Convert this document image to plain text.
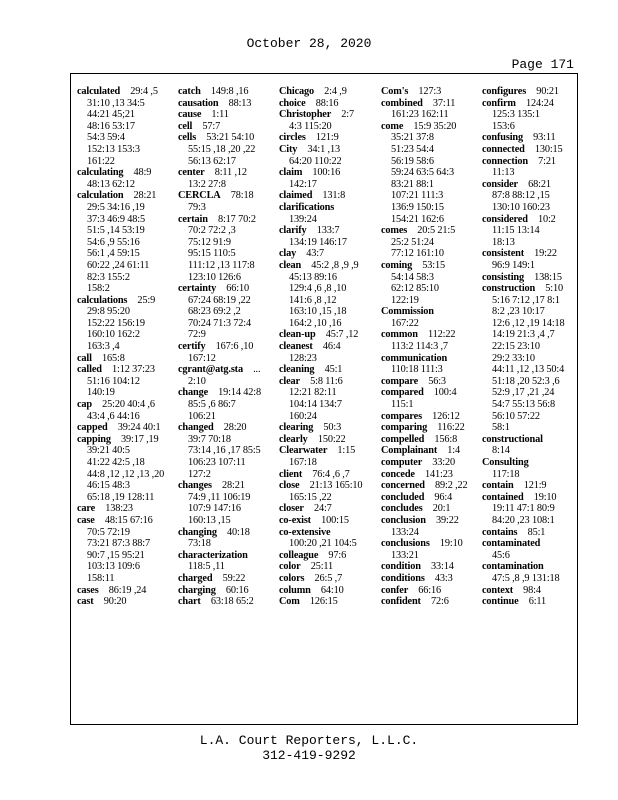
October 28, 2020
Page 171
calculated 29:4 ,5
31:10 ,13 34:5
44:21 45;21
48:16 53:17
54:3 59:4
152:13 153:3
161:22
calculating 48:9
48:13 62:12
calculation 28:21
29:5 34:16 ,19
37:3 46:9 48:5
51:5 ,14 53:19
54:6 ,9 55:16
56:1 ,4 59:15
60:22 ,24 61:11
82:3 155:2
158:2
calculations 25:9
29:8 95:20
152:22 156:19
160:10 162:2
163:3 ,4
call 165:8
called 1:12 37:23
51:16 104:12
140:19
cap 25:20 40:4 ,6
43:4 ,6 44:16
capped 39:24 40:1
capping 39:17 ,19
39:21 40:5
41:22 42:5 ,18
44:8 ,12 ,12 ,13 ,20
46:15 48:3
65:18 ,19 128:11
care 138:23
case 48:15 67:16
70:5 72:19
73:21 87:3 88:7
90:7 ,15 95:21
103:13 109:6
158:11
cases 86:19 ,24
cast 90:20
catch 149:8 ,16
causation 88:13
cause 1:11
cell 57:7
cells 53:21 54:10
55:15 ,18 ,20 ,22
56:13 62:17
center 8:11 ,12
13:2 27:8
CERCLA 78:18
79:3
certain 8:17 70:2
70:2 72:2 ,3
75:12 91:9
95:15 110:5
111:12 ,13 117:8
123:10 126:6
certainty 66:10
67:24 68:19 ,22
68:23 69:2 ,2
70:24 71:3 72:4
72:9
certify 167:6 ,10
167:12
cgrant@atg.sta ...
2:10
change 19:14 42:8
85:5 ,6 86:7
106:21
changed 28:20
39:7 70:18
73:14 ,16 ,17 85:5
106:23 107:11
127:2
changes 28:21
74:9 ,11 106:19
107:9 147:16
160:13 ,15
changing 40:18
73:18
characterization
118:5 ,11
charged 59:22
charging 60:16
chart 63:18 65:2
Chicago 2:4 ,9
choice 88:16
Christopher 2:7
4:3 115:20
circles 121:9
City 34:1 ,13
64:20 110:22
claim 100:16
142:17
claimed 131:8
clarifications
139:24
clarify 133:7
134:19 146:17
clay 43:7
clean 45:2 ,8 ,9 ,9
45:13 89:16
129:4 ,6 ,8 ,10
141:6 ,8 ,12
163:10 ,15 ,18
164:2 ,10 ,16
clean-up 45:7 ,12
cleanest 46:4
128:23
cleaning 45:1
clear 5:8 11:6
12:21 82:11
104:14 134:7
160:24
clearing 50:3
clearly 150:22
Clearwater 1:15
167:18
client 76:4 ,6 ,7
close 21:13 165:10
165:15 ,22
closer 24:7
co-exist 100:15
co-extensive
100:20 ,21 104:5
colleague 97:6
color 25:11
colors 26:5 ,7
column 64:10
Com 126:15
Com's 127:3
combined 37:11
161:23 162:11
come 15:9 35:20
35:21 37:8
51:23 54:4
56:19 58:6
59:24 63:5 64:3
83:21 88:1
107:21 111:3
136:9 150:15
154:21 162:6
comes 20:5 21:5
25:2 51:24
77:12 161:10
coming 53:15
54:14 58:3
62:12 85:10
122:19
Commission
167:22
common 112:22
113:2 114:3 ,7
communication
110:18 111:3
compare 56:3
compared 100:4
115:1
compares 126:12
comparing 116:22
compelled 156:8
Complainant 1:4
computer 33:20
concede 141:23
concerned 89:2 ,22
concluded 96:4
concludes 20:1
conclusion 39:22
133:24
conclusions 19:10
133:21
condition 33:14
conditions 43:3
confer 66:16
confident 72:6
configures 90:21
confirm 124:24
125:3 135:1
153:6
confusing 93:11
connected 130:15
connection 7:21
11:13
consider 68:21
87:8 88:12 ,15
130:10 160:23
considered 10:2
11:15 13:14
18:13
consistent 19:22
96:9 149:1
consisting 138:15
construction 5:10
5:16 7:12 ,17 8:1
8:2 ,23 10:17
12:6 ,12 ,19 14:18
14:19 21:3 ,4 ,7
22:15 23:10
29:2 33:10
44:11 ,12 ,13 50:4
51:18 ,20 52:3 ,6
52:9 ,17 ,21 ,24
54:7 55:13 56:8
56:10 57:22
58:1
constructional
8:14
Consulting
117:18
contain 121:9
contained 19:10
19:11 47:1 80:9
84:20 ,23 108:1
contains 85:1
contaminated
45:6
contamination
47:5 ,8 ,9 131:18
context 98:4
continue 6:11
L.A. Court Reporters, L.L.C.
312-419-9292
